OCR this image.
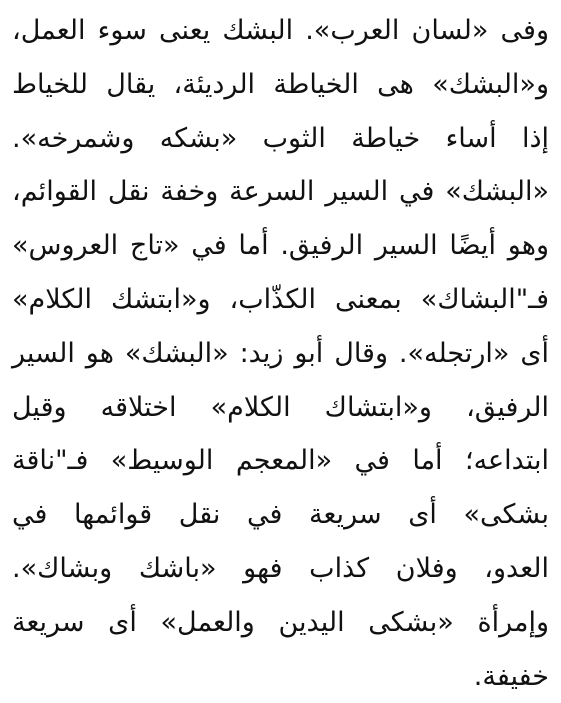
وفى «لسان العرب». البشك يعنى سوء العمل،
و«البشك» هى الخياطة الرديئة، يقال للخياط
إذا أساء خياطة الثوب «بشكه وشمرخه».
«البشك» في السير السرعة وخفة نقل القوائم،
وهو أيضًا السير الرفيق. أما في «تاج العروس»
فـ"البشاك» بمعنى الكذّاب، و«ابتشك الكلام»
أى «ارتجله». وقال أبو زيد: «البشك» هو السير
الرفيق، و«ابتشاك الكلام» اختلاقه وقيل
ابتداعه؛ أما في «المعجم الوسيط» فـ"ناقة
بشكى» أى سريعة في نقل قوائمها في
العدو، وفلان كذاب فهو «باشك وبشاك».
وإمرأة «بشكى اليدين والعمل» أى سريعة
خفيفة.
